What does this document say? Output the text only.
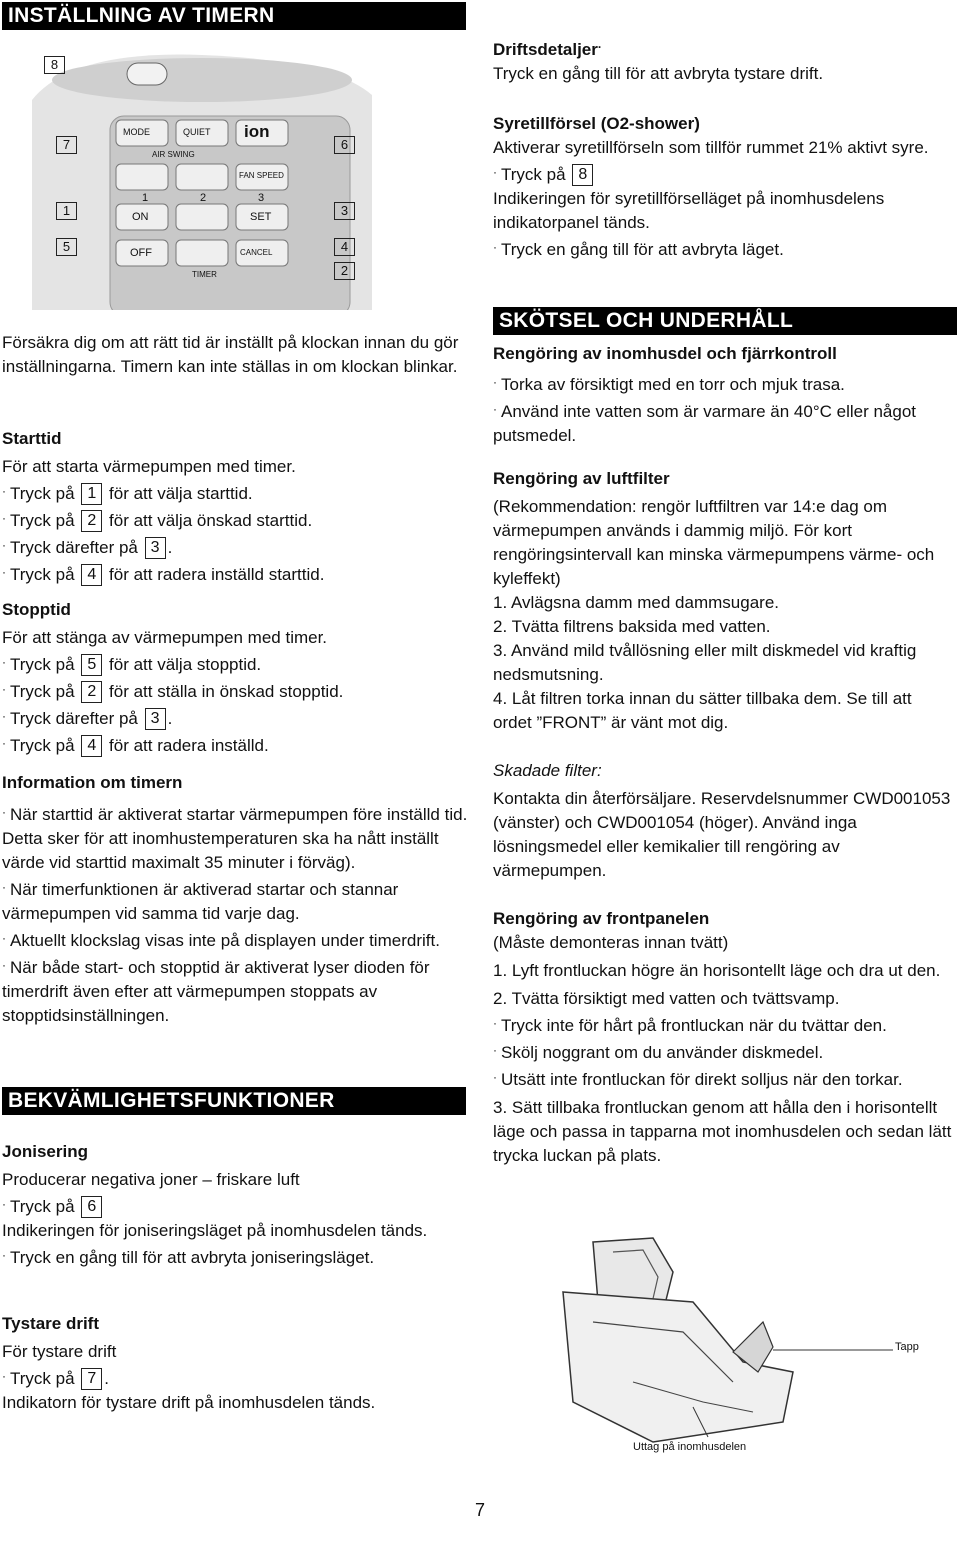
INSTÄLLNING AV TIMERN
MODE	QUIET ion
AIR SWING
FAN SPEED
ON	SET
OFF	CANCEL
TIMER
1	2	3
8
7	6
1	3
5	4
2

Försäkra dig om att rätt tid är inställt på klockan innan du gör inställningarna. Timern kan inte ställas in om klockan blinkar.

Starttid

För att starta värmepumpen med timer.

· Tryck på 1 för att välja starttid.

· Tryck på 2 för att välja önskad starttid.

· Tryck därefter på 3 .

· Tryck på 4 för att radera inställd starttid.

Stopptid

För att stänga av värmepumpen med timer.

· Tryck på 5 för att välja stopptid.

· Tryck på 2 för att ställa in önskad stopptid.

· Tryck därefter på 3 .

· Tryck på 4 för att radera inställd.

Information om timern

· När starttid är aktiverat startar värmepumpen före inställd tid. Detta sker för att inomhustemperaturen ska ha nått inställt värde vid starttid maximalt 35 minuter i förväg).

· När timerfunktionen är aktiverad startar och stannar värmepumpen vid samma tid varje dag.

· Aktuellt klockslag visas inte på displayen under timerdrift.

· När både start- och stopptid är aktiverat lyser dioden för timerdrift även efter att värmepumpen stoppats av stopptidsinställningen.

BEKVÄMLIGHETSFUNKTIONER

Jonisering

Producerar negativa joner – friskare luft

· Tryck på 6

Indikeringen för joniseringsläget på inomhusdelen tänds.

· Tryck en gång till för att avbryta joniseringsläget.

Tystare drift

För tystare drift

· Tryck på 7 .

Indikatorn för tystare drift på inomhusdelen tänds.

Driftsdetaljer·

Tryck en gång till för att avbryta tystare drift.

Syretillförsel (O2-shower)

Aktiverar syretillförseln som tillför rummet 21% aktivt syre.

· Tryck på 8

Indikeringen för syretillförselläget på inomhusdelens indikatorpanel tänds.

· Tryck en gång till för att avbryta läget.

SKÖTSEL OCH UNDERHÅLL

Rengöring av inomhusdel och fjärrkontroll

· Torka av försiktigt med en torr och mjuk trasa.

· Använd inte vatten som är varmare än 40°C eller något putsmedel.

Rengöring av luftfilter

(Rekommendation: rengör luftfiltren var 14:e dag om värmepumpen används i dammig miljö. För kort rengöringsintervall kan minska värmepumpens värme- och kyleffekt)

1. Avlägsna damm med dammsugare.

2. Tvätta filtrens baksida med vatten.

3. Använd mild tvållösning eller milt diskmedel vid kraftig nedsmutsning.

4. Låt filtren torka innan du sätter tillbaka dem. Se till att ordet ”FRONT” är vänt mot dig.

Skadade filter:

Kontakta din återförsäljare. Reservdelsnummer CWD001053 (vänster) och CWD001054 (höger). Använd inga lösningsmedel eller kemikalier till rengöring av värmepumpen.

Rengöring av frontpanelen

(Måste demonteras innan tvätt)

1. Lyft frontluckan högre än horisontellt läge och dra ut den.

2. Tvätta försiktigt med vatten och tvättsvamp.

· Tryck inte för hårt på frontluckan när du tvättar den.

· Skölj noggrant om du använder diskmedel.

· Utsätt inte frontluckan för direkt solljus när den torkar.

3. Sätt tillbaka frontluckan genom att hålla den i horisontellt läge och passa in tapparna mot inomhusdelen och sedan lätt trycka luckan på plats.

Tapp
Uttag på inomhusdelen
7
